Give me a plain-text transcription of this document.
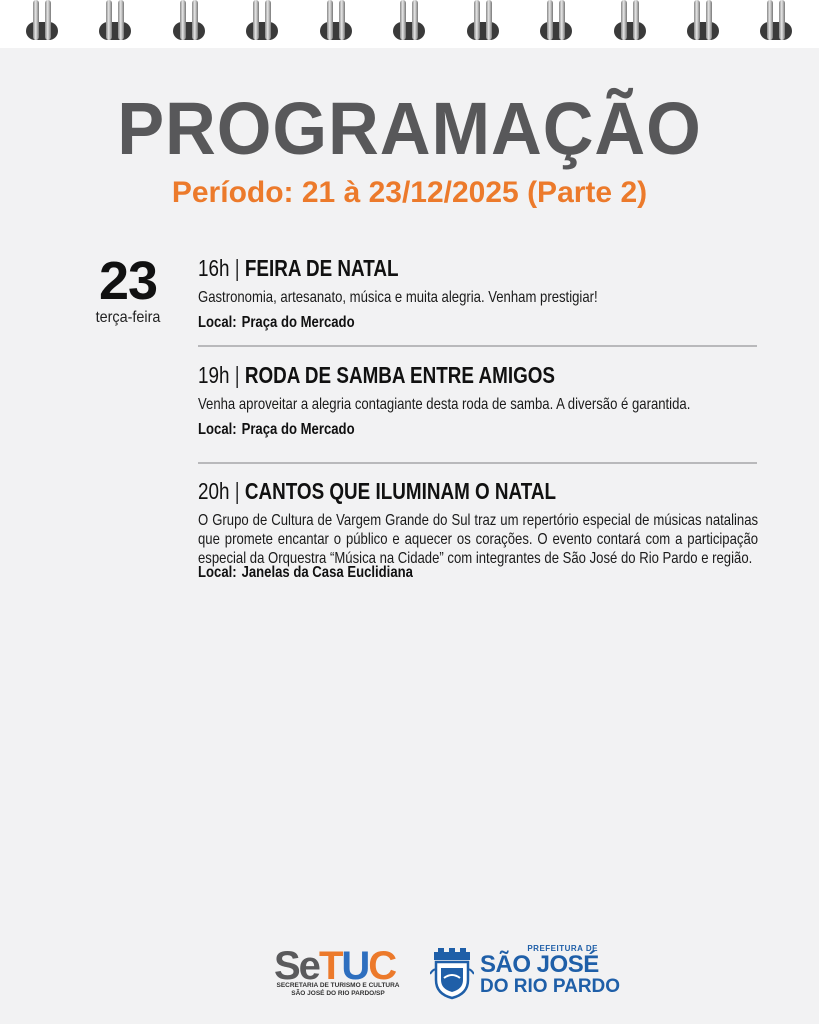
PROGRAMAÇÃO
Período: 21 à 23/12/2025 (Parte 2)
23
terça-feira
16h | FEIRA DE NATAL
Gastronomia, artesanato, música e muita alegria. Venham prestigiar!
Local: Praça do Mercado
19h | RODA DE SAMBA ENTRE AMIGOS
Venha aproveitar a alegria contagiante desta roda de samba. A diversão é garantida.
Local: Praça do Mercado
20h | CANTOS QUE ILUMINAM O NATAL
O Grupo de Cultura de Vargem Grande do Sul traz um repertório especial de músicas natalinas que promete encantar o público e aquecer os corações. O evento contará com a participação especial da Orquestra “Música na Cidade” com integrantes de São José do Rio Pardo e região.
Local: Janelas da Casa Euclidiana
SeTUC
SECRETARIA DE TURISMO E CULTURA
SÃO JOSÉ DO RIO PARDO/SP
PREFEITURA DE
SÃO JOSÉ
DO RIO PARDO
